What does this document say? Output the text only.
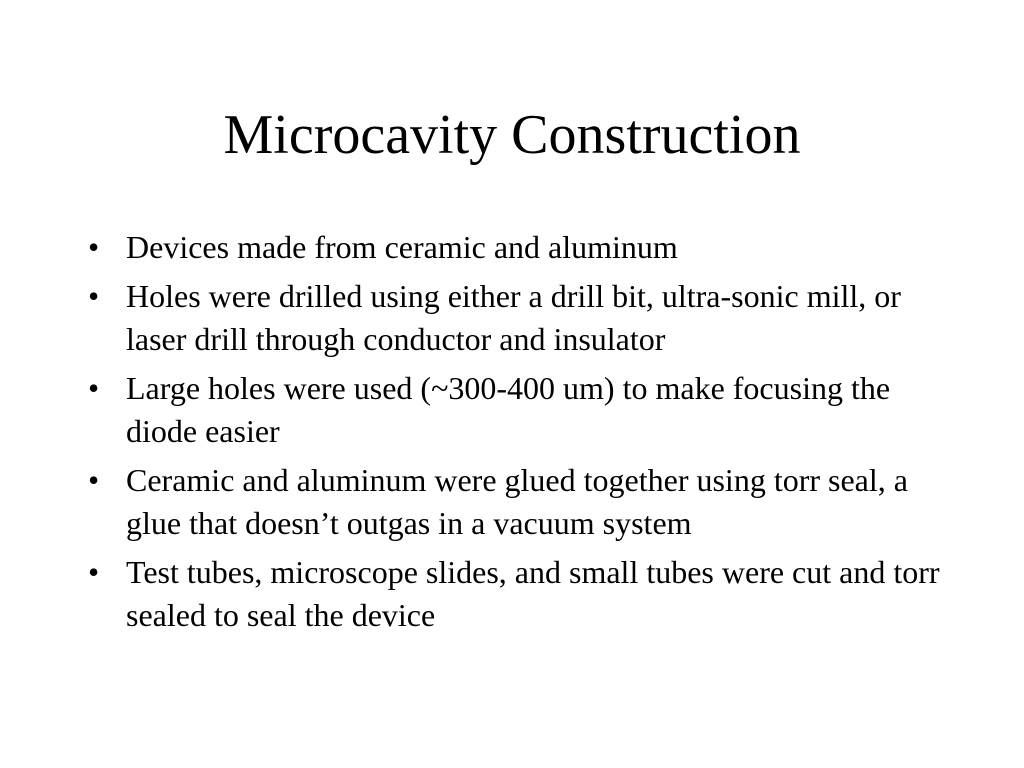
Microcavity Construction
• Devices made from ceramic and aluminum
• Holes were drilled using either a drill bit, ultra-sonic mill, or laser drill through conductor and insulator
• Large holes were used (~300-400 um) to make focusing the diode easier
• Ceramic and aluminum were glued together using torr seal, a glue that doesn’t outgas in a vacuum system
• Test tubes, microscope slides, and small tubes were cut and torr sealed to seal the device
